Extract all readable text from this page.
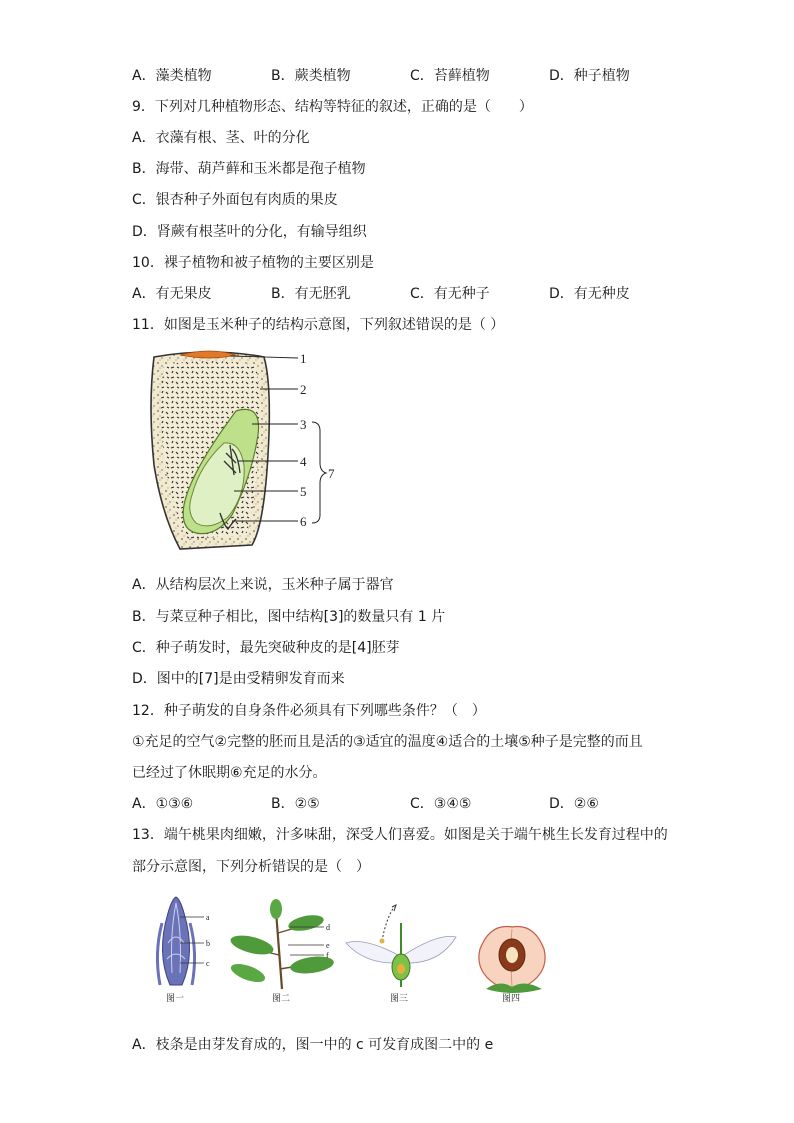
A．藻类植物	B．蕨类植物	C．苔藓植物	D．种子植物
9．下列对几种植物形态、结构等特征的叙述，正确的是（　　）
A．衣藻有根、茎、叶的分化
B．海带、葫芦藓和玉米都是孢子植物
C．银杏种子外面包有肉质的果皮
D．肾蕨有根茎叶的分化，有输导组织
10．裸子植物和被子植物的主要区别是
A．有无果皮	B．有无胚乳	C．有无种子	D．有无种皮
11．如图是玉米种子的结构示意图，下列叙述错误的是（ ）
1
2
3
4
5
6
7
A．从结构层次上来说，玉米种子属于器官
B．与菜豆种子相比，图中结构[3]的数量只有 1 片
C．种子萌发时，最先突破种皮的是[4]胚芽
D．图中的[7]是由受精卵发育而来
12．种子萌发的自身条件必须具有下列哪些条件？（　）
①充足的空气②完整的胚而且是活的③适宜的温度④适合的土壤⑤种子是完整的而且
已经过了休眠期⑥充足的水分。
A．①③⑥	B．②⑤	C．③④⑤	D．②⑥
13．端午桃果肉细嫩，汁多味甜，深受人们喜爱。如图是关于端午桃生长发育过程中的
部分示意图，下列分析错误的是（　）
a
b
c
图一
d
e
f
图二	图三	图四
A．枝条是由芽发育成的，图一中的 c 可发育成图二中的 e
